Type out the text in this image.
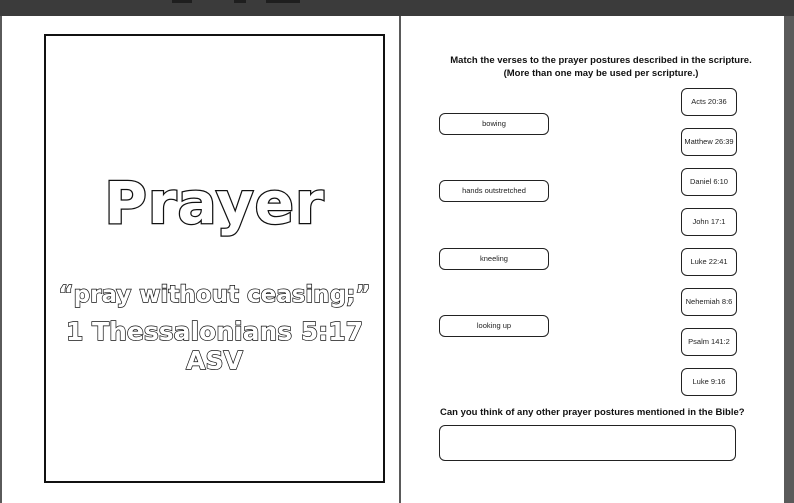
Prayer
“pray without ceasing;”
1 Thessalonians 5:17 ASV
Match the verses to the prayer postures described in the scripture.
(More than one may be used per scripture.)
bowing
hands outstretched
kneeling
looking up
Acts 20:36
Matthew 26:39
Daniel 6:10
John 17:1
Luke 22:41
Nehemiah 8:6
Psalm 141:2
Luke 9:16
Can you think of any other prayer postures mentioned in the Bible?
